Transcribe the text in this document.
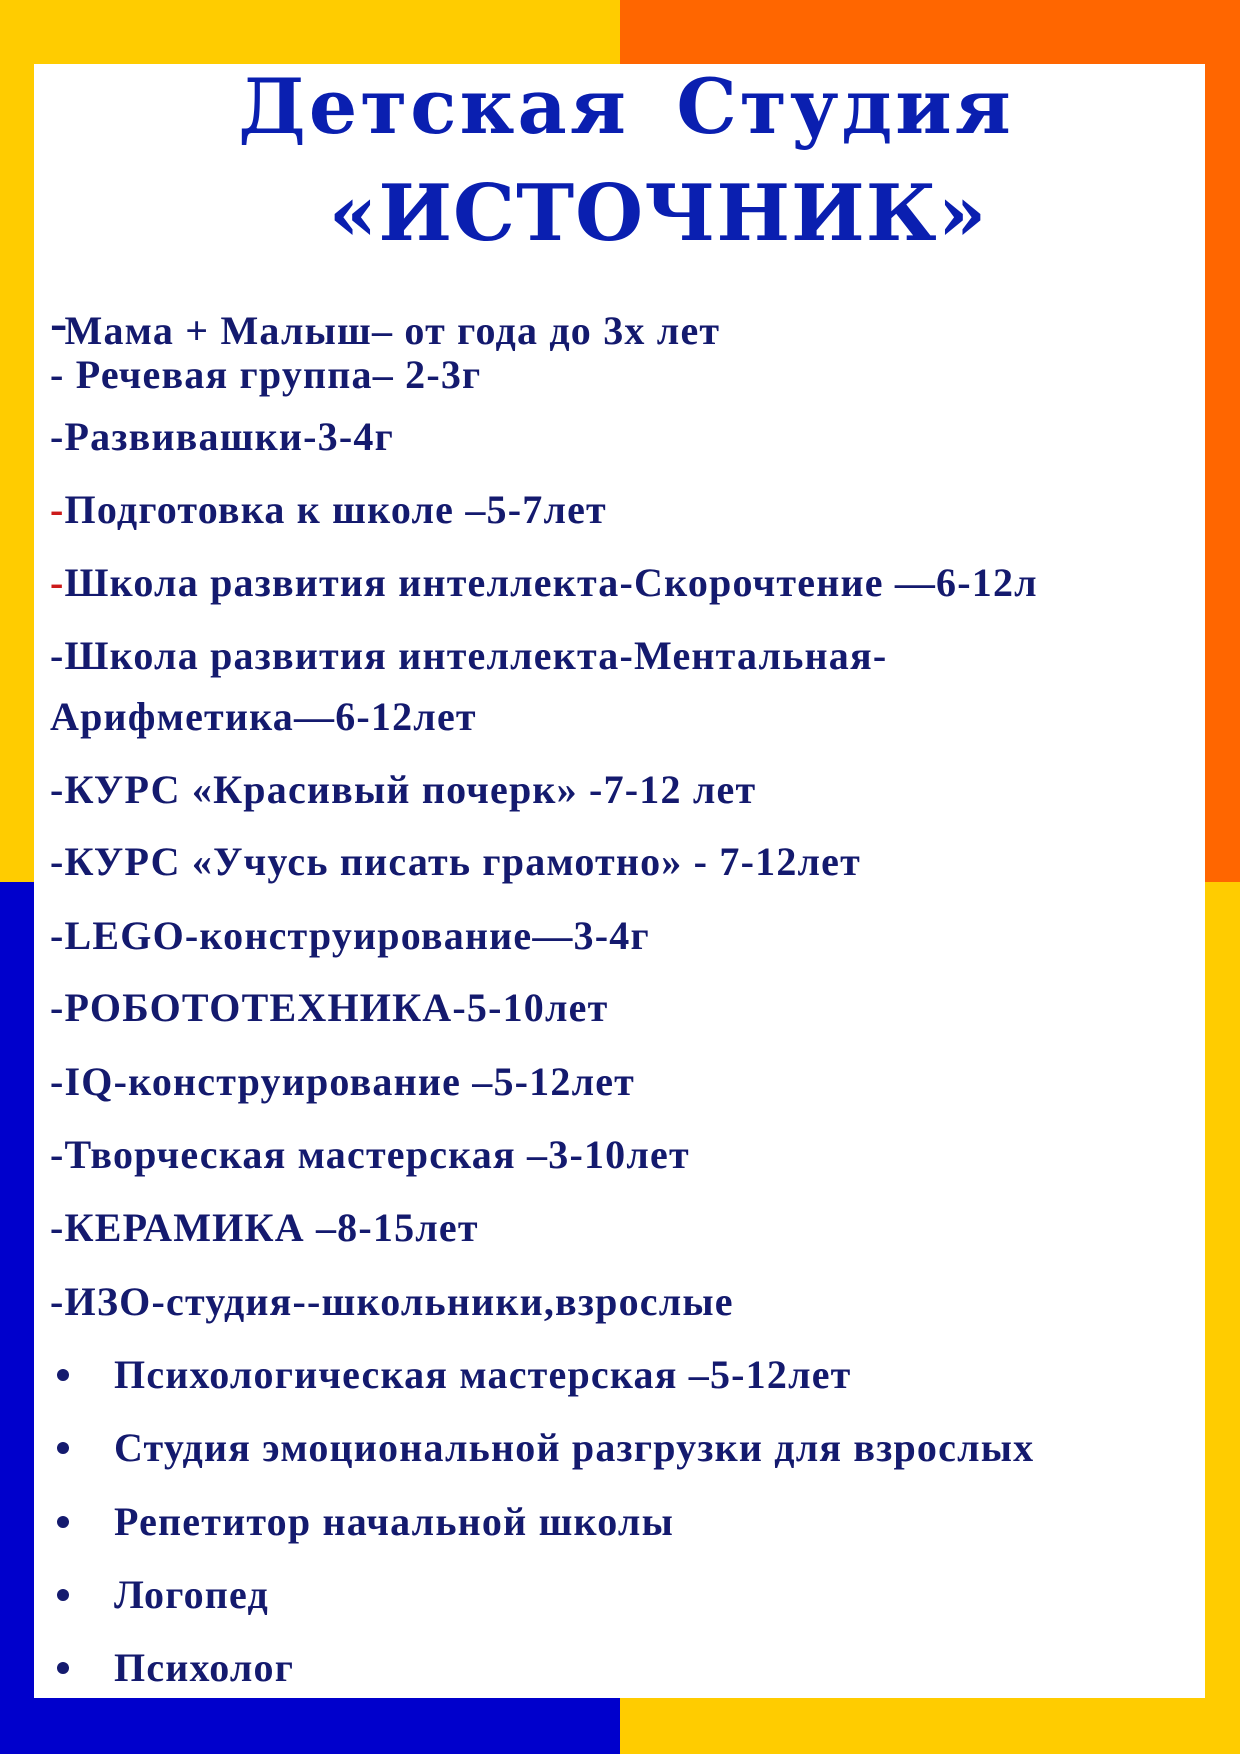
Детская Студия
«ИСТОЧНИК»
-Мама + Малыш– от года до 3х лет
- Речевая группа– 2-3г
-Развивашки-3-4г
-Подготовка к школе –5-7лет
-Школа развития интеллекта-Скорочтение —6-12л
-Школа развития интеллекта-Ментальная-
Арифметика—6-12лет
-КУРС «Красивый почерк» -7-12 лет
-КУРС «Учусь писать грамотно» - 7-12лет
-LEGO-конструирование—3-4г
-РОБОТОТЕХНИКА-5-10лет
-IQ-конструирование –5-12лет
-Творческая мастерская –3-10лет
-КЕРАМИКА –8-15лет
-ИЗО-студия--школьники,взрослые
Психологическая мастерская –5-12лет
Студия эмоциональной разгрузки для взрослых
Репетитор начальной школы
Логопед
Психолог
